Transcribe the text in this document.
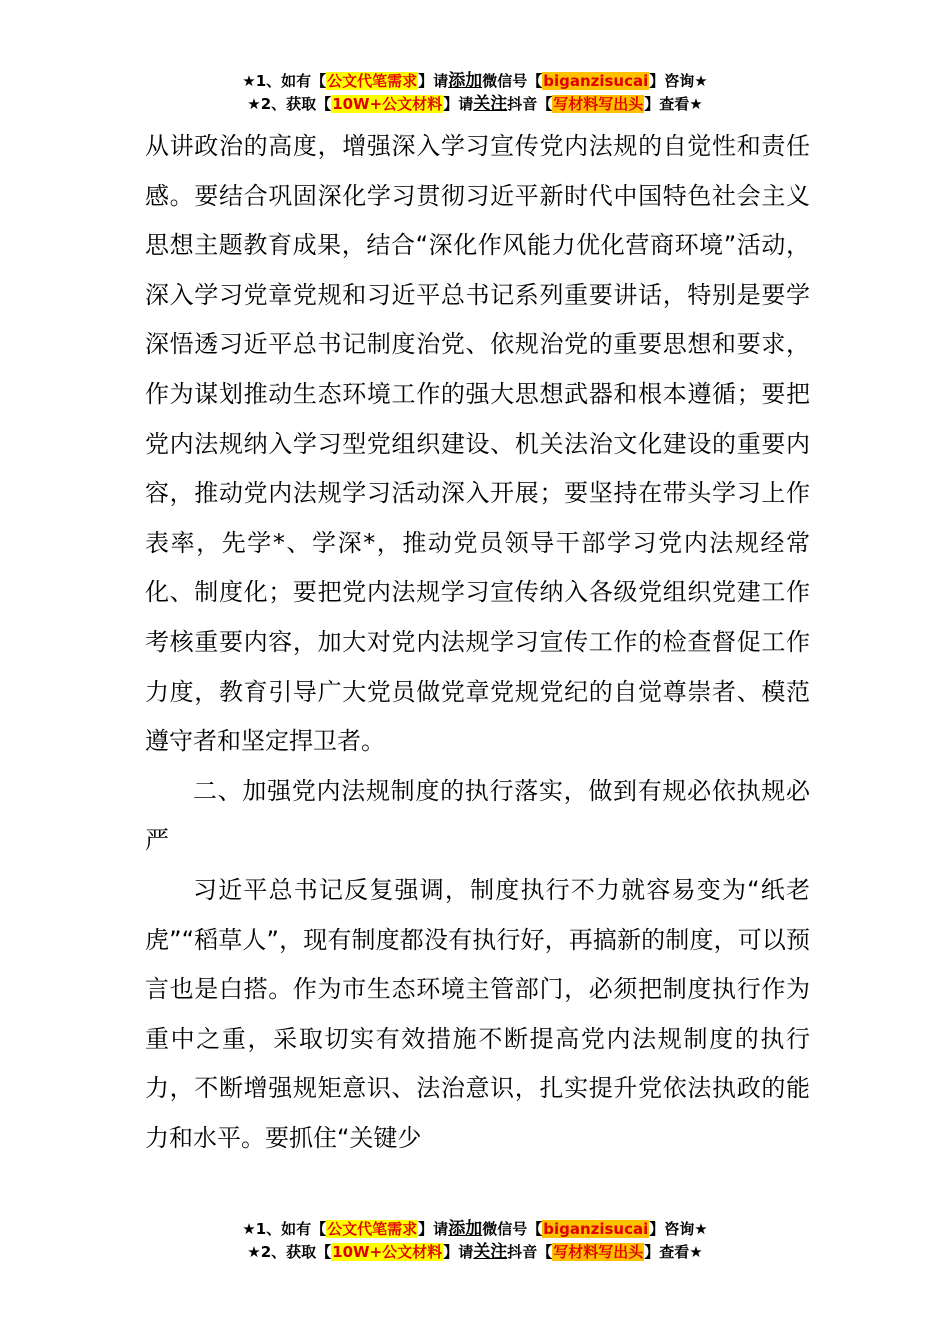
★1、如有【公文代笔需求】请添加微信号【biganzisucai】咨询★
★2、获取【10W+公文材料】请关注抖音【写材料写出头】查看★

从讲政治的高度，增强深入学习宣传党内法规的自觉性和责任感。要结合巩固深化学习贯彻习近平新时代中国特色社会主义思想主题教育成果，结合“深化作风能力优化营商环境”活动，深入学习党章党规和习近平总书记系列重要讲话，特别是要学深悟透习近平总书记制度治党、依规治党的重要思想和要求，作为谋划推动生态环境工作的强大思想武器和根本遵循；要把党内法规纳入学习型党组织建设、机关法治文化建设的重要内容，推动党内法规学习活动深入开展；要坚持在带头学习上作表率，先学*、学深*，推动党员领导干部学习党内法规经常化、制度化；要把党内法规学习宣传纳入各级党组织党建工作考核重要内容，加大对党内法规学习宣传工作的检查督促工作力度，教育引导广大党员做党章党规党纪的自觉尊崇者、模范遵守者和坚定捍卫者。

二、加强党内法规制度的执行落实，做到有规必依执规必严

习近平总书记反复强调，制度执行不力就容易变为“纸老虎”“稻草人”，现有制度都没有执行好，再搞新的制度，可以预言也是白搭。作为市生态环境主管部门，必须把制度执行作为重中之重，采取切实有效措施不断提高党内法规制度的执行力，不断增强规矩意识、法治意识，扎实提升党依法执政的能力和水平。要抓住“关键少

★1、如有【公文代笔需求】请添加微信号【biganzisucai】咨询★
★2、获取【10W+公文材料】请关注抖音【写材料写出头】查看★
